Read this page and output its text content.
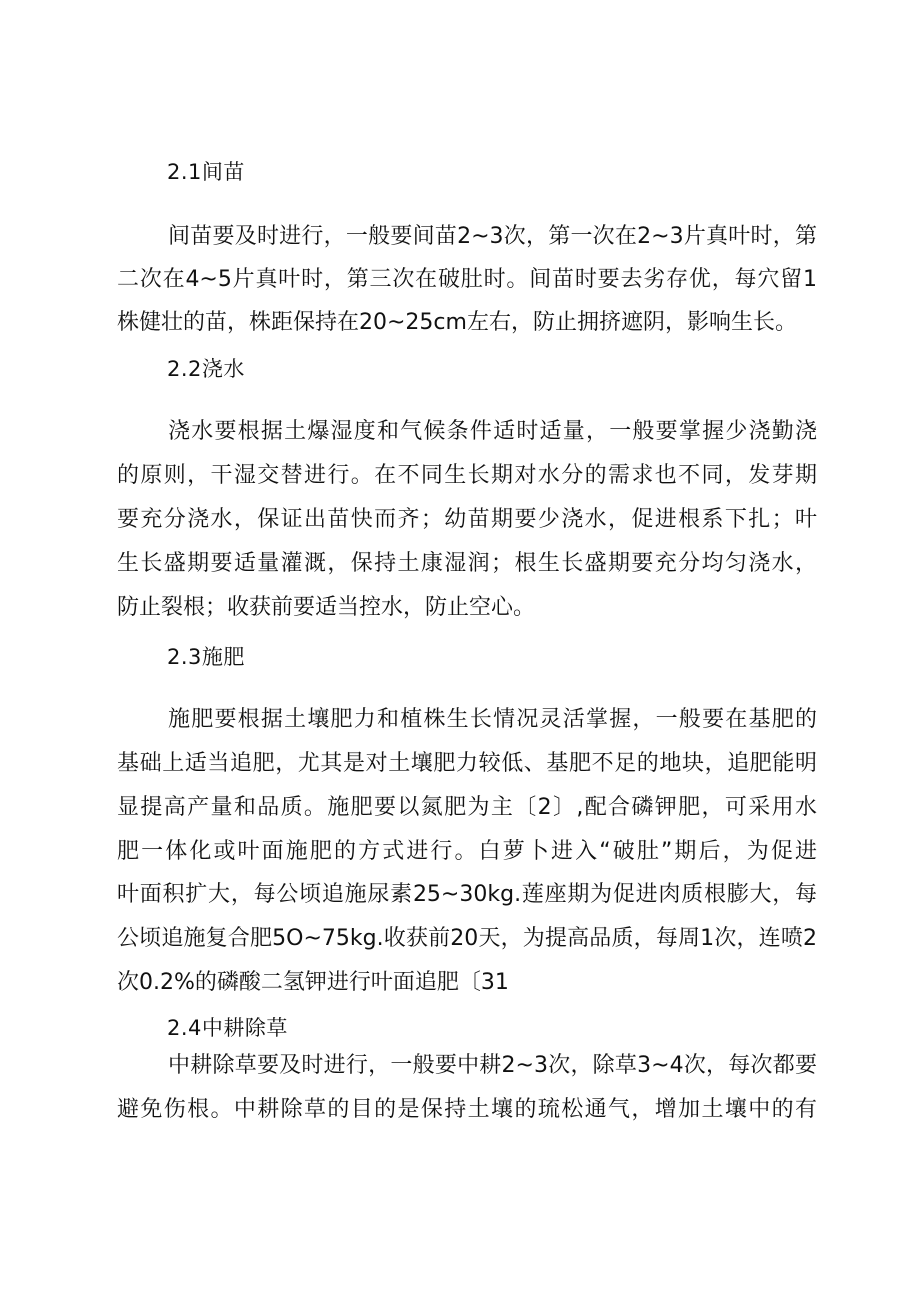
2.1间苗
间苗要及时进行，一般要间苗2~3次，第一次在2~3片真叶时，第
二次在4~5片真叶时，第三次在破肚时。间苗时要去劣存优，每穴留1
株健壮的苗，株距保持在20~25cm左右，防止拥挤遮阴，影响生长。
2.2浇水
浇水要根据土爆湿度和气候条件适时适量，一般要掌握少浇勤浇
的原则，干湿交替进行。在不同生长期对水分的需求也不同，发芽期
要充分浇水，保证出苗快而齐；幼苗期要少浇水，促进根系下扎；叶
生长盛期要适量灌溉，保持土康湿润；根生长盛期要充分均匀浇水，
防止裂根；收获前要适当控水，防止空心。
2.3施肥
施肥要根据土壤肥力和植株生长情况灵活掌握，一般要在基肥的
基础上适当追肥，尤其是对土壤肥力较低、基肥不足的地块，追肥能明
显提高产量和品质。施肥要以氮肥为主〔2〕,配合磷钾肥，可采用水
肥一体化或叶面施肥的方式进行。白萝卜进入“破肚”期后，为促进
叶面积扩大，每公顷追施尿素25~30kg.莲座期为促进肉质根膨大，每
公顷追施复合肥5O~75kg.收获前20天，为提高品质，每周1次，连喷2
次0.2%的磷酸二氢钾进行叶面追肥〔31
2.4中耕除草
中耕除草要及时进行，一般要中耕2~3次，除草3~4次，每次都要
避免伤根。中耕除草的目的是保持土壤的琉松通气，增加土壤中的有
